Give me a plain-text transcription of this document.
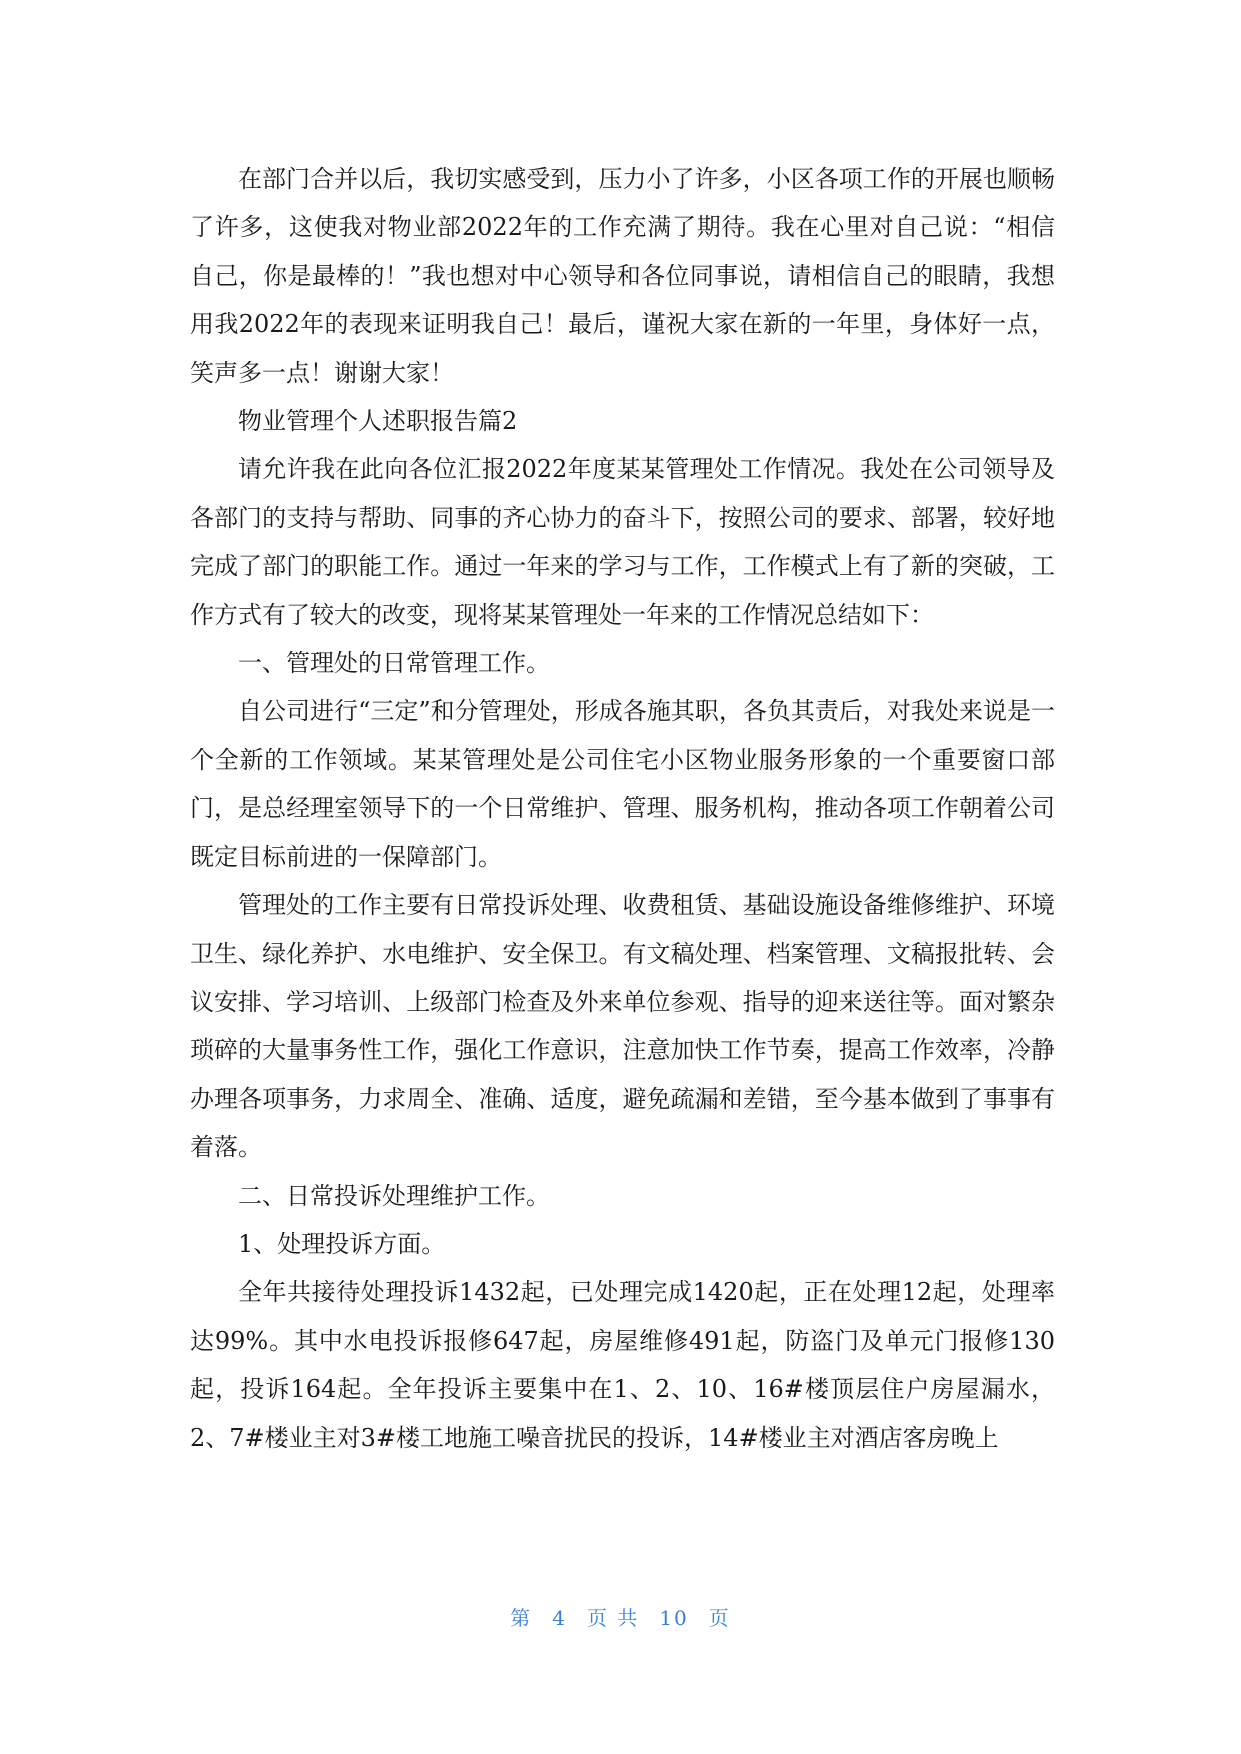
在部门合并以后，我切实感受到，压力小了许多，小区各项工作的开展也顺畅了许多，这使我对物业部2022年的工作充满了期待。我在心里对自己说：“相信自己，你是最棒的！”我也想对中心领导和各位同事说，请相信自己的眼睛，我想用我2022年的表现来证明我自己！最后，谨祝大家在新的一年里，身体好一点，笑声多一点！谢谢大家！

物业管理个人述职报告篇2

请允许我在此向各位汇报2022年度某某管理处工作情况。我处在公司领导及各部门的支持与帮助、同事的齐心协力的奋斗下，按照公司的要求、部署，较好地完成了部门的职能工作。通过一年来的学习与工作，工作模式上有了新的突破，工作方式有了较大的改变，现将某某管理处一年来的工作情况总结如下：

一、管理处的日常管理工作。

自公司进行“三定”和分管理处，形成各施其职，各负其责后，对我处来说是一个全新的工作领域。某某管理处是公司住宅小区物业服务形象的一个重要窗口部门，是总经理室领导下的一个日常维护、管理、服务机构，推动各项工作朝着公司既定目标前进的一保障部门。

管理处的工作主要有日常投诉处理、收费租赁、基础设施设备维修维护、环境卫生、绿化养护、水电维护、安全保卫。有文稿处理、档案管理、文稿报批转、会议安排、学习培训、上级部门检查及外来单位参观、指导的迎来送往等。面对繁杂琐碎的大量事务性工作，强化工作意识，注意加快工作节奏，提高工作效率，冷静办理各项事务，力求周全、准确、适度，避免疏漏和差错，至今基本做到了事事有着落。

二、日常投诉处理维护工作。

1、处理投诉方面。

全年共接待处理投诉1432起，已处理完成1420起，正在处理12起，处理率达99%。其中水电投诉报修647起，房屋维修491起，防盗门及单元门报修130起，投诉164起。全年投诉主要集中在1、2、10、16#楼顶层住户房屋漏水，2、7#楼业主对3#楼工地施工噪音扰民的投诉，14#楼业主对酒店客房晚上

第 4 页 共 10 页
